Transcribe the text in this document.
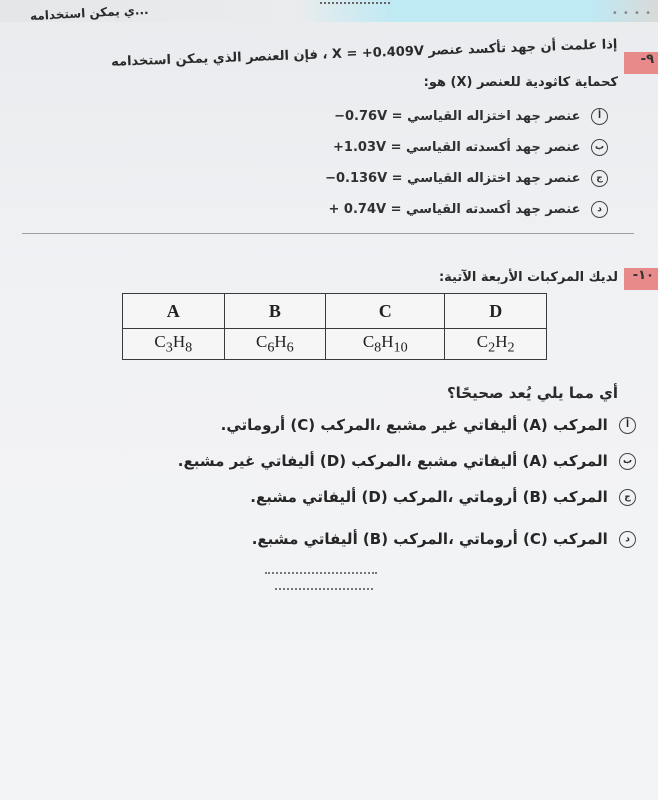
• • • •
...ي يمكن استخدامه
٩-
إذا علمت أن جهد تأكسد عنصر X = +0.409V ، فإن العنصر الذي يمكن استخدامه
كحماية كاثودية للعنصر (X) هو:
أ عنصر جهد اختزاله القياسي = ‎−0.76V
ب عنصر جهد أكسدته القياسي = ‎+1.03V
ج عنصر جهد اختزاله القياسي = ‎−0.136V
د عنصر جهد أكسدته القياسي = ‎+ 0.74V
١٠-
لديك المركبات الأربعة الآتية:
A	B	C	D
$C_3H_8$	$C_6H_6$	$C_8H_{10}$	$C_2H_2$
أي مما يلي يُعد صحيحًا؟
أ المركب (A) أليفاتي غير مشبع ،المركب (C) أروماتي.
ب المركب (A) أليفاتي مشبع ،المركب (D) أليفاتي غير مشبع.
ج المركب (B) أروماتي ،المركب (D) أليفاتي مشبع.
د المركب (C) أروماتي ،المركب (B) أليفاتي مشبع.
